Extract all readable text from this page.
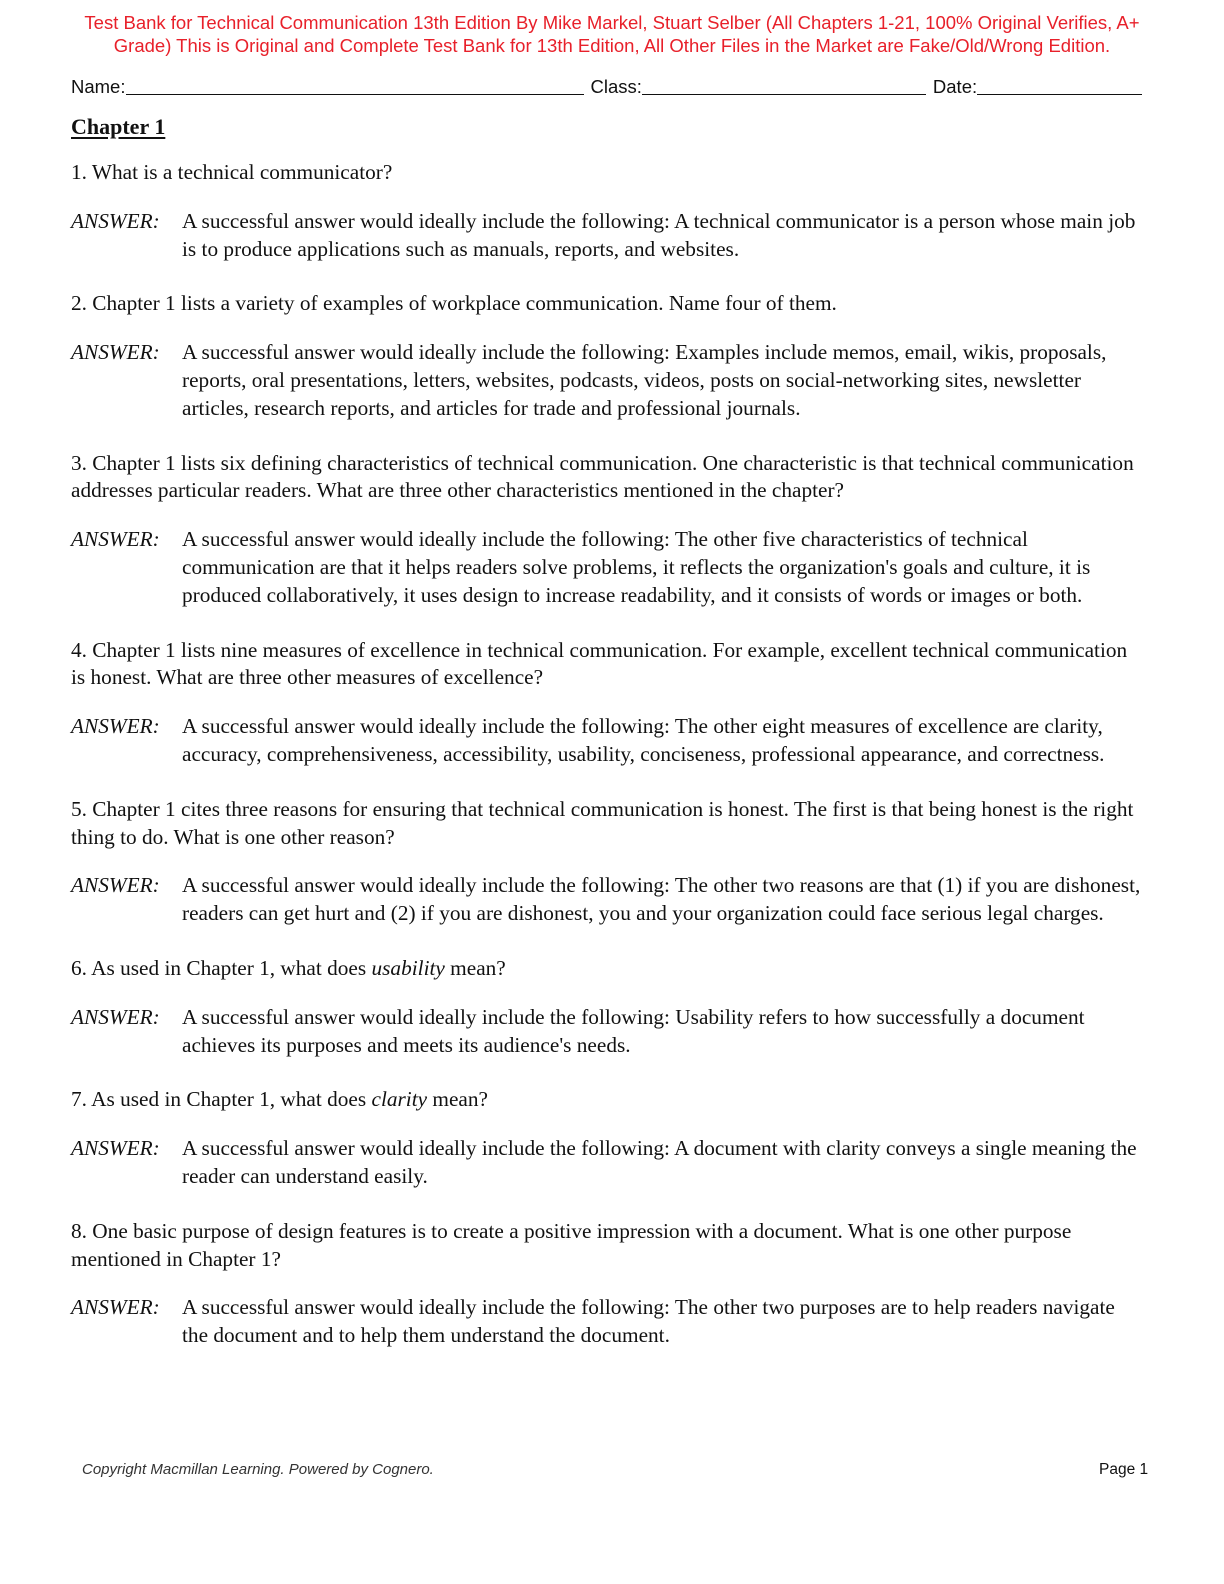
Test Bank for Technical Communication 13th Edition By Mike Markel, Stuart Selber (All Chapters 1-21, 100% Original Verifies, A+
Grade) This is Original and Complete Test Bank for 13th Edition, All Other Files in the Market are Fake/Old/Wrong Edition.
Name:	Class:	Date:
Chapter 1

1. What is a technical communicator?

ANSWER: A successful answer would ideally include the following: A technical communicator is a person whose main job is to produce applications such as manuals, reports, and websites.

2. Chapter 1 lists a variety of examples of workplace communication. Name four of them.

ANSWER: A successful answer would ideally include the following: Examples include memos, email, wikis, proposals, reports, oral presentations, letters, websites, podcasts, videos, posts on social-networking sites, newsletter articles, research reports, and articles for trade and professional journals.

3. Chapter 1 lists six defining characteristics of technical communication. One characteristic is that technical communication addresses particular readers. What are three other characteristics mentioned in the chapter?

ANSWER: A successful answer would ideally include the following: The other five characteristics of technical communication are that it helps readers solve problems, it reflects the organization's goals and culture, it is produced collaboratively, it uses design to increase readability, and it consists of words or images or both.

4. Chapter 1 lists nine measures of excellence in technical communication. For example, excellent technical communication is honest. What are three other measures of excellence?

ANSWER: A successful answer would ideally include the following: The other eight measures of excellence are clarity, accuracy, comprehensiveness, accessibility, usability, conciseness, professional appearance, and correctness.

5. Chapter 1 cites three reasons for ensuring that technical communication is honest. The first is that being honest is the right thing to do. What is one other reason?

ANSWER: A successful answer would ideally include the following: The other two reasons are that (1) if you are dishonest, readers can get hurt and (2) if you are dishonest, you and your organization could face serious legal charges.

6. As used in Chapter 1, what does usability mean?

ANSWER: A successful answer would ideally include the following: Usability refers to how successfully a document achieves its purposes and meets its audience's needs.

7. As used in Chapter 1, what does clarity mean?

ANSWER: A successful answer would ideally include the following: A document with clarity conveys a single meaning the reader can understand easily.

8. One basic purpose of design features is to create a positive impression with a document. What is one other purpose mentioned in Chapter 1?

ANSWER: A successful answer would ideally include the following: The other two purposes are to help readers navigate the document and to help them understand the document.
Copyright Macmillan Learning. Powered by Cognero.	Page 1
